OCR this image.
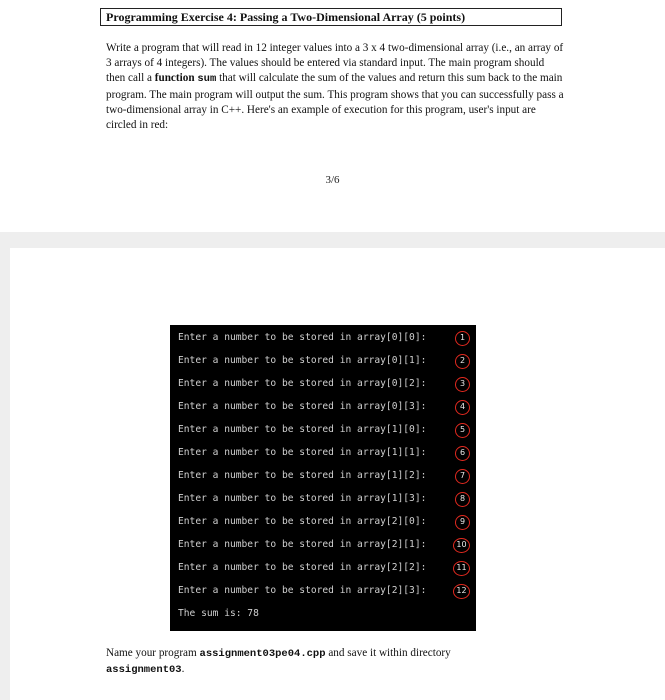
Programming Exercise 4: Passing a Two-Dimensional Array (5 points)
Write a program that will read in 12 integer values into a 3 x 4 two-dimensional array (i.e., an array of 3 arrays of 4 integers). The values should be entered via standard input. The main program should then call a function sum that will calculate the sum of the values and return this sum back to the main program. The main program will output the sum. This program shows that you can successfully pass a two-dimensional array in C++. Here's an example of execution for this program, user's input are circled in red:
3/6
Enter a number to be stored in array[0][0]:	1
Enter a number to be stored in array[0][1]:	2
Enter a number to be stored in array[0][2]:	3
Enter a number to be stored in array[0][3]:	4
Enter a number to be stored in array[1][0]:	5
Enter a number to be stored in array[1][1]:	6
Enter a number to be stored in array[1][2]:	7
Enter a number to be stored in array[1][3]:	8
Enter a number to be stored in array[2][0]:	9
Enter a number to be stored in array[2][1]:	10
Enter a number to be stored in array[2][2]:	11
Enter a number to be stored in array[2][3]:	12
The sum is: 78
Name your program assignment03pe04.cpp and save it within directory
assignment03.
